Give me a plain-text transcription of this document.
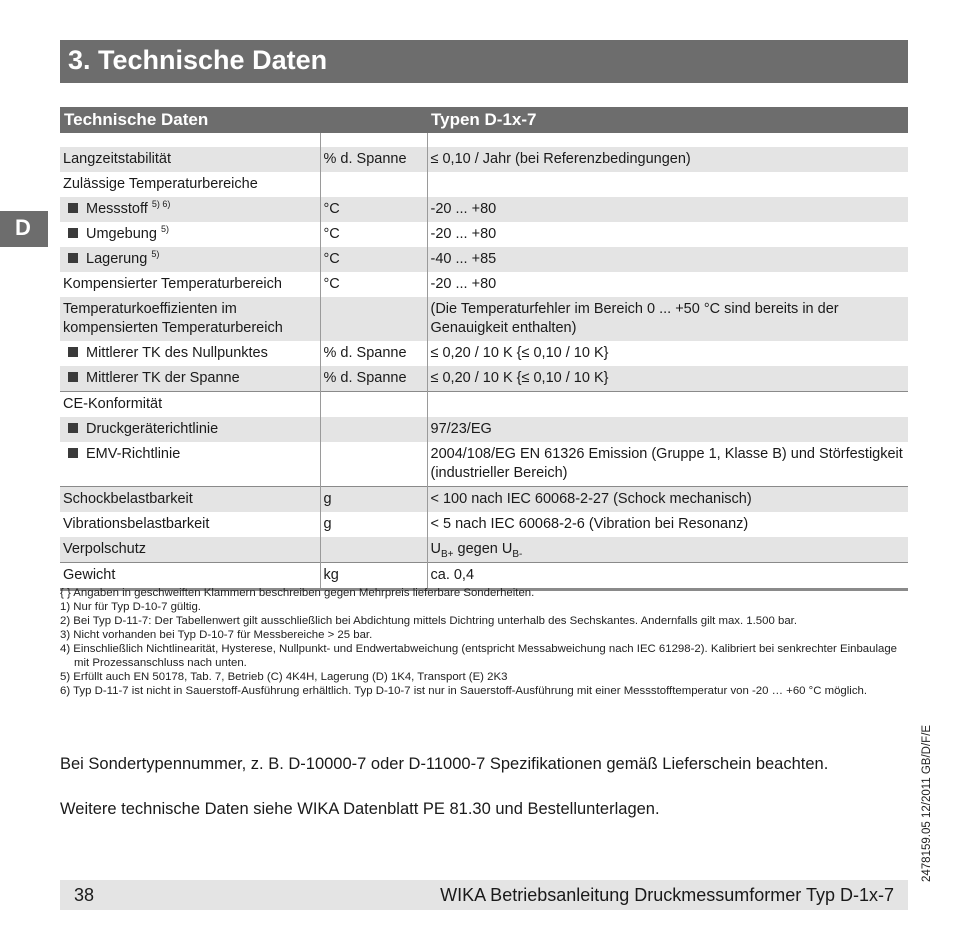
3. Technische Daten
D
Technische Daten		Typen D-1x-7

Langzeitstabilität	% d. Spanne	≤ 0,10 / Jahr (bei Referenzbedingungen)
Zulässige Temperaturbereiche		
Messstoff $^{5) 6)}$	°C	-20 ... +80
Umgebung $^{5)}$	°C	-20 ... +80
Lagerung $^{5)}$	°C	-40 ... +85
Kompensierter Temperaturbereich	°C	-20 ... +80
Temperaturkoeffizienten im kompensierten Temperaturbereich		(Die Temperaturfehler im Bereich 0 ... +50 °C sind bereits in der Genauigkeit enthalten)
Mittlerer TK des Nullpunktes	% d. Spanne	≤ 0,20 / 10 K {≤ 0,10 / 10 K}
Mittlerer TK der Spanne	% d. Spanne	≤ 0,20 / 10 K {≤ 0,10 / 10 K}
CE-Konformität		
Druckgeräterichtlinie		97/23/EG
EMV-Richtlinie		2004/108/EG EN 61326 Emission (Gruppe 1, Klasse B) und Störfestigkeit (industrieller Bereich)
Schockbelastbarkeit	g	< 100 nach IEC 60068-2-27 (Schock mechanisch)
Vibrationsbelastbarkeit	g	< 5 nach IEC 60068-2-6 (Vibration bei Resonanz)
Verpolschutz		$U_{B+}$ gegen $U_{B-}$
Gewicht	kg	ca. 0,4
{ } Angaben in geschweiften Klammern beschreiben gegen Mehrpreis lieferbare Sonderheiten.
1) Nur für Typ D-10-7 gültig.
2) Bei Typ D-11-7: Der Tabellenwert gilt ausschließlich bei Abdichtung mittels Dichtring unterhalb des Sechskantes. Andernfalls gilt max. 1.500 bar.
3) Nicht vorhanden bei Typ D-10-7 für Messbereiche > 25 bar.
4) Einschließlich Nichtlinearität, Hysterese, Nullpunkt- und Endwertabweichung (entspricht Messabweichung nach IEC 61298-2). Kalibriert bei senkrechter Einbaulage mit Prozessanschluss nach unten.
5) Erfüllt auch EN 50178, Tab. 7, Betrieb (C) 4K4H, Lagerung (D) 1K4, Transport (E) 2K3
6) Typ D-11-7 ist nicht in Sauerstoff-Ausführung erhältlich. Typ D-10-7 ist nur in Sauerstoff-Ausführung mit einer Messstofftemperatur von -20 … +60 °C möglich.
Bei Sondertypennummer, z. B. D-10000-7 oder D-11000-7 Spezifikationen gemäß Lieferschein beachten.
Weitere technische Daten siehe WIKA Datenblatt PE 81.30 und Bestellunterlagen.	2478159.05 12/2011 GB/D/F/E
38	WIKA Betriebsanleitung Druckmessumformer Typ D-1x-7
